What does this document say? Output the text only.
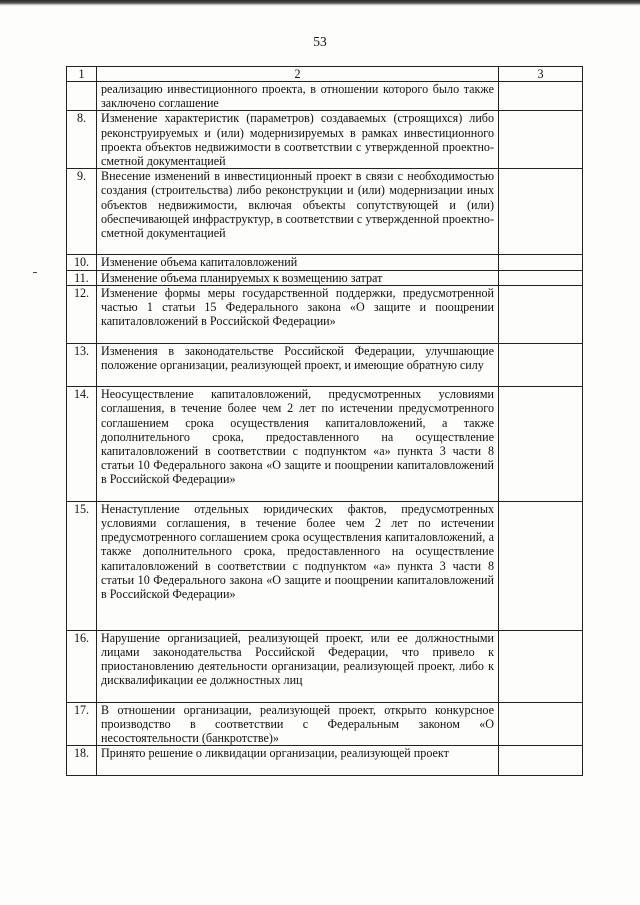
53
1	2	3
	реализацию инвестиционного проекта, в отношении которого было также заключено соглашение	
8.	Изменение характеристик (параметров) создаваемых (строящихся) либо реконструируемых и (или) модернизируемых в рамках инвестиционного проекта объектов недвижимости в соответствии с утвержденной проектно-сметной документацией	
9.	Внесение изменений в инвестиционный проект в связи с необходимостью создания (строительства) либо реконструкции и (или) модернизации иных объектов недвижимости, включая объекты сопутствующей и (или) обеспечивающей инфраструктур, в соответствии с утвержденной проектно-сметной документацией	
10.	Изменение объема капиталовложений	
11.	Изменение объема планируемых к возмещению затрат	
12.	Изменение формы меры государственной поддержки, предусмотренной частью 1 статьи 15 Федерального закона «О защите и поощрении капиталовложений в Российской Федерации»	
13.	Изменения в законодательстве Российской Федерации, улучшающие положение организации, реализующей проект, и имеющие обратную силу	
14.	Неосуществление капиталовложений, предусмотренных условиями соглашения, в течение более чем 2 лет по истечении предусмотренного соглашением срока осуществления капиталовложений, а также дополнительного срока, предоставленного на осуществление капиталовложений в соответствии с подпунктом «а» пункта 3 части 8 статьи 10 Федерального закона «О защите и поощрении капиталовложений в Российской Федерации»	
15.	Ненаступление отдельных юридических фактов, предусмотренных условиями соглашения, в течение более чем 2 лет по истечении предусмотренного соглашением срока осуществления капиталовложений, а также дополнительного срока, предоставленного на осуществление капиталовложений в соответствии с подпунктом «а» пункта 3 части 8 статьи 10 Федерального закона «О защите и поощрении капиталовложений в Российской Федерации»	
16.	Нарушение организацией, реализующей проект, или ее должностными лицами законодательства Российской Федерации, что привело к приостановлению деятельности организации, реализующей проект, либо к дисквалификации ее должностных лиц	
17.	В отношении организации, реализующей проект, открыто конкурсное производство в соответствии с Федеральным законом «О несостоятельности (банкротстве)»	
18.	Принято решение о ликвидации организации, реализующей проект	
